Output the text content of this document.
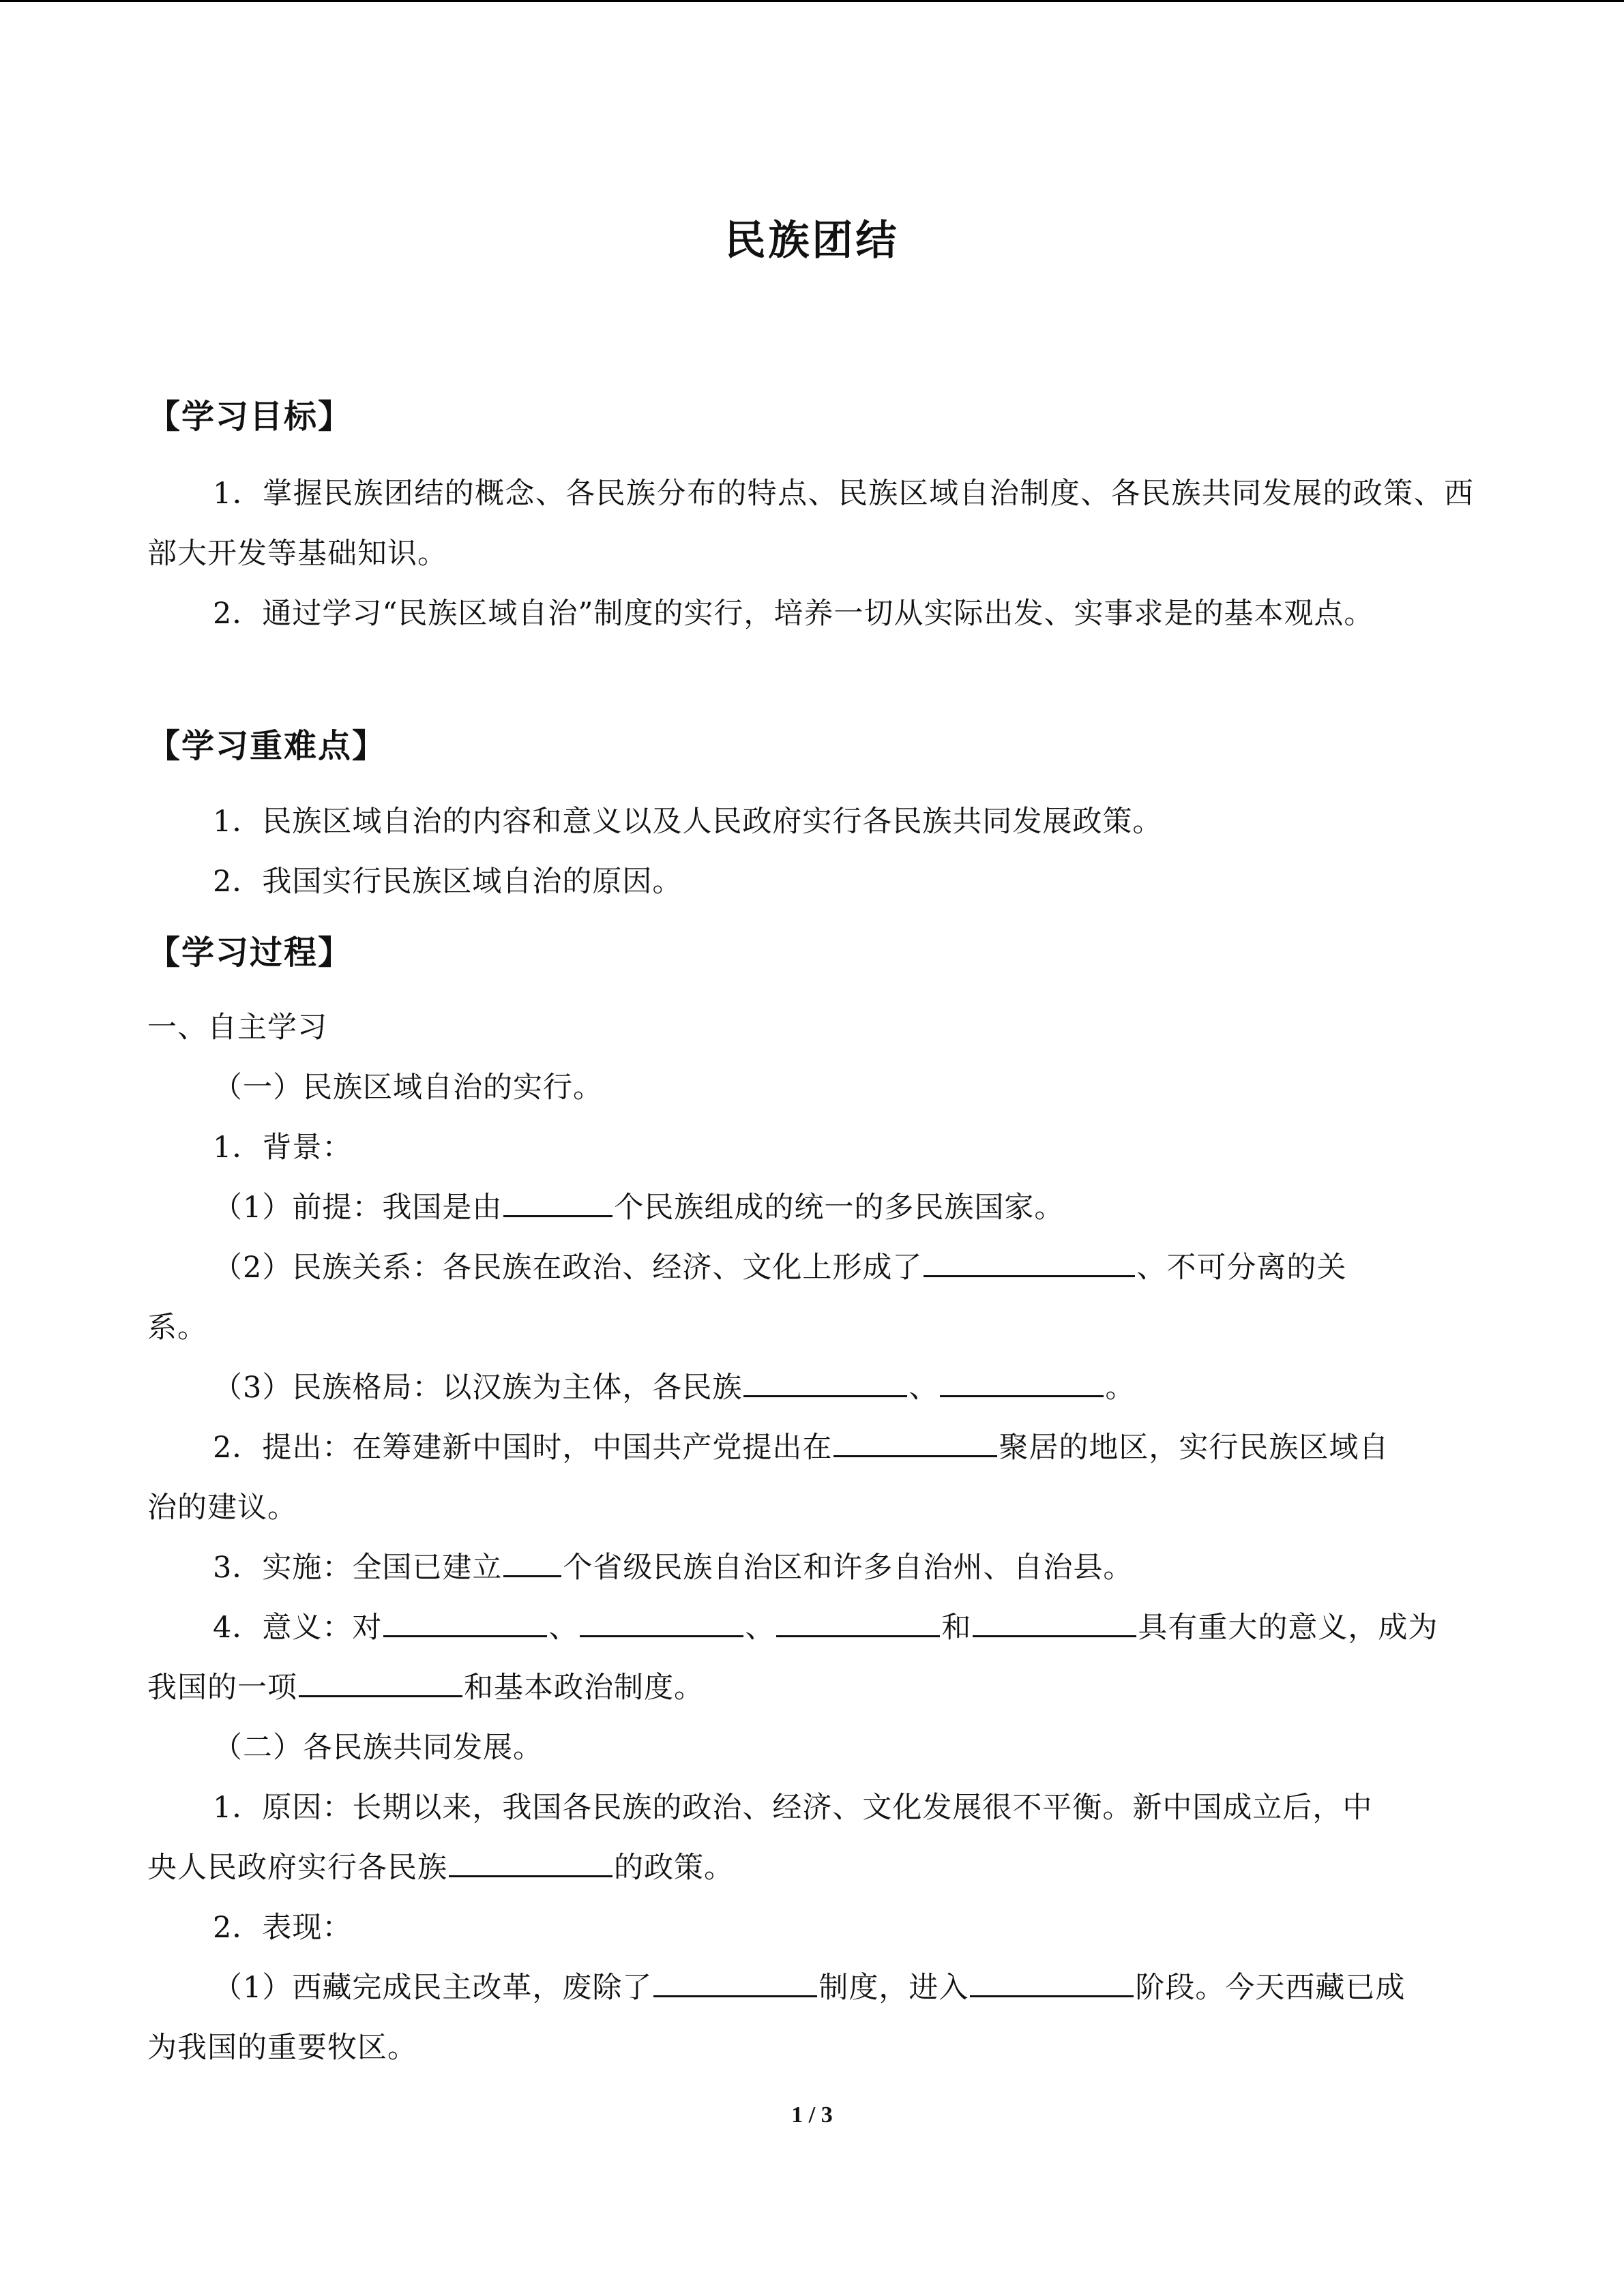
民族团结
【学习目标】
1．掌握民族团结的概念、各民族分布的特点、民族区域自治制度、各民族共同发展的政策、西部大开发等基础知识。
2．通过学习“民族区域自治”制度的实行，培养一切从实际出发、实事求是的基本观点。
【学习重难点】
1．民族区域自治的内容和意义以及人民政府实行各民族共同发展政策。
2．我国实行民族区域自治的原因。
【学习过程】
一、自主学习
（一）民族区域自治的实行。
1．背景：
（1）前提：我国是由	个民族组成的统一的多民族国家。
（2）民族关系：各民族在政治、经济、文化上形成了	、不可分离的关
系。
（3）民族格局：以汉族为主体，各民族	、	。
2．提出：在筹建新中国时，中国共产党提出在	聚居的地区，实行民族区域自
治的建议。
3．实施：全国已建立 个省级民族自治区和许多自治州、自治县。
4．意义：对	、	、	和	具有重大的意义，成为
我国的一项	和基本政治制度。
（二）各民族共同发展。
1．原因：长期以来，我国各民族的政治、经济、文化发展很不平衡。新中国成立后，中
央人民政府实行各民族	的政策。
2．表现：
（1）西藏完成民主改革，废除了	制度，进入	阶段。今天西藏已成
为我国的重要牧区。
1 / 3
